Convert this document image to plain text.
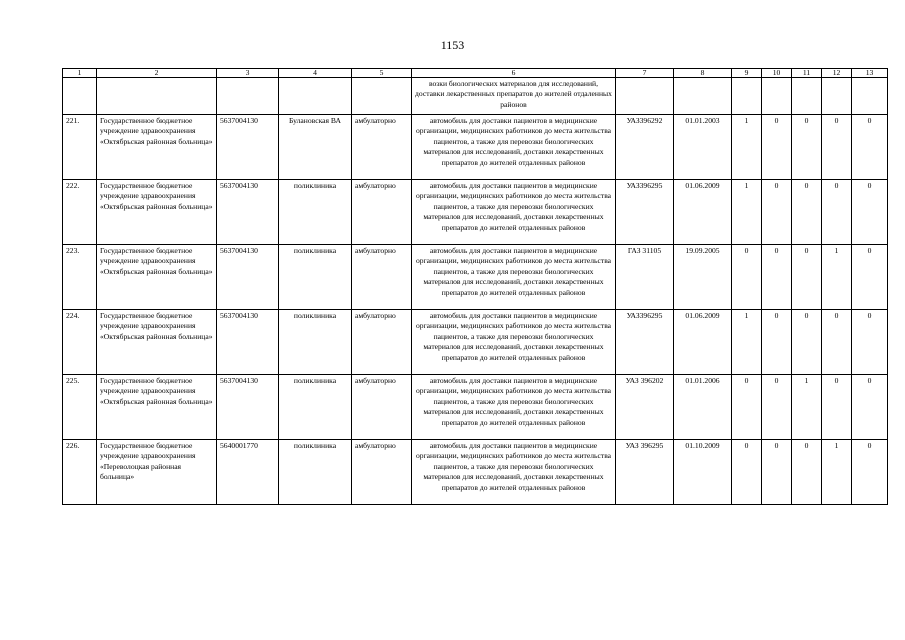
1153
1	2	3	4	5	6	7	8	9	10	11	12	13
					возки биологических материалов для исследований, доставки лекарственных препаратов до жителей отдаленных районов							
221.	Государственное бюджетное учреждение здравоохранения «Октябрьская районная больница»	5637004130	Булановская ВА	амбулаторно	автомобиль для доставки пациентов в медицинские организации, медицинских работников до места жительства пациентов, а также для перевозки биологических материалов для исследований, доставки лекарственных препаратов до жителей отдаленных районов	УАЗ396292	01.01.2003	1	0	0	0	0
222.	Государственное бюджетное учреждение здравоохранения «Октябрьская районная больница»	5637004130	поликлиника	амбулаторно	автомобиль для доставки пациентов в медицинские организации, медицинских работников до места жительства пациентов, а также для перевозки биологических материалов для исследований, доставки лекарственных препаратов до жителей отдаленных районов	УАЗ396295	01.06.2009	1	0	0	0	0
223.	Государственное бюджетное учреждение здравоохранения «Октябрьская районная больница»	5637004130	поликлиника	амбулаторно	автомобиль для доставки пациентов в медицинские организации, медицинских работников до места жительства пациентов, а также для перевозки биологических материалов для исследований, доставки лекарственных препаратов до жителей отдаленных районов	ГАЗ 31105	19.09.2005	0	0	0	1	0
224.	Государственное бюджетное учреждение здравоохранения «Октябрьская районная больница»	5637004130	поликлиника	амбулаторно	автомобиль для доставки пациентов в медицинские организации, медицинских работников до места жительства пациентов, а также для перевозки биологических материалов для исследований, доставки лекарственных препаратов до жителей отдаленных районов	УАЗ396295	01.06.2009	1	0	0	0	0
225.	Государственное бюджетное учреждение здравоохранения «Октябрьская районная больница»	5637004130	поликлиника	амбулаторно	автомобиль для доставки пациентов в медицинские организации, медицинских работников до места жительства пациентов, а также для перевозки биологических материалов для исследований, доставки лекарственных препаратов до жителей отдаленных районов	УАЗ 396202	01.01.2006	0	0	1	0	0
226.	Государственное бюджетное учреждение здравоохранения «Переволоцкая районная больница»	5640001770	поликлиника	амбулаторно	автомобиль для доставки пациентов в медицинские организации, медицинских работников до места жительства пациентов, а также для перевозки биологических материалов для исследований, доставки лекарственных препаратов до жителей отдаленных районов	УАЗ 396295	01.10.2009	0	0	0	1	0
